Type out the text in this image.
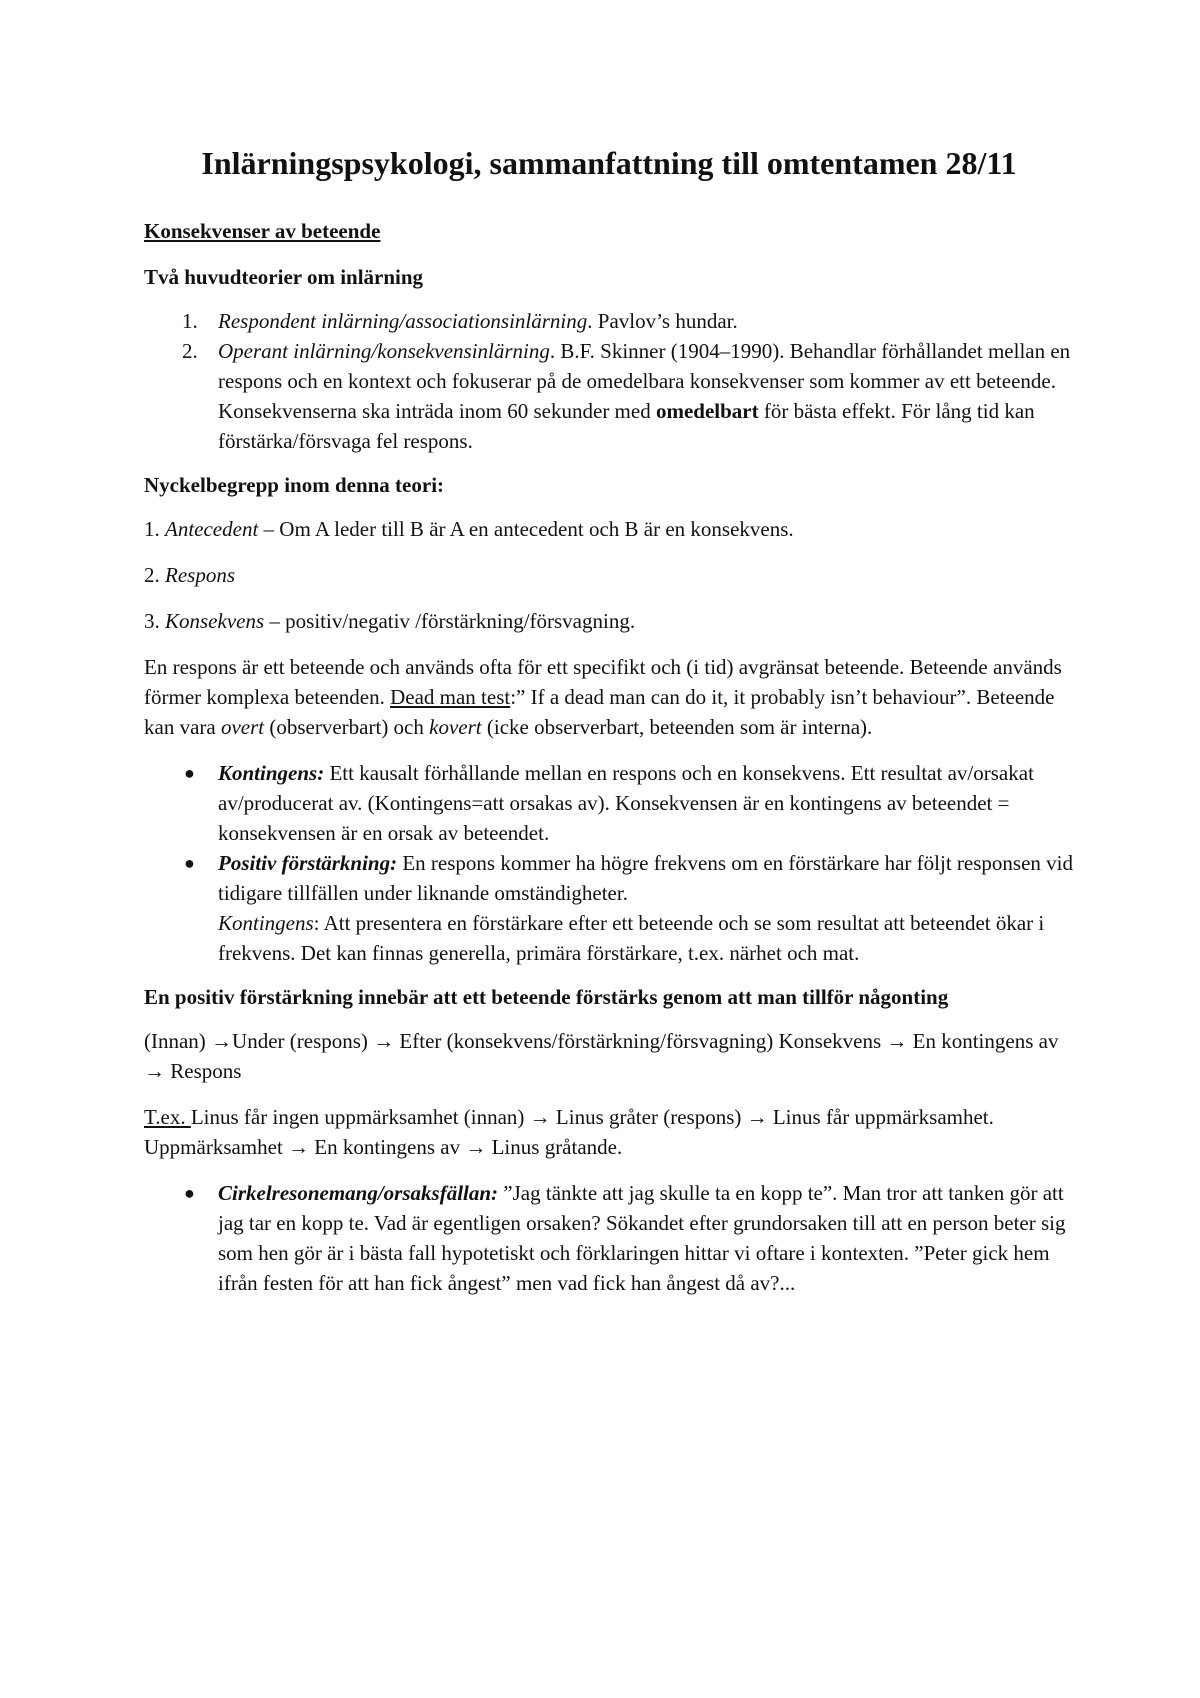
Inlärningspsykologi, sammanfattning till omtentamen 28/11
Konsekvenser av beteende
Två huvudteorier om inlärning
1. Respondent inlärning/associationsinlärning. Pavlov’s hundar.
2. Operant inlärning/konsekvensinlärning. B.F. Skinner (1904–1990). Behandlar förhållandet mellan en respons och en kontext och fokuserar på de omedelbara konsekvenser som kommer av ett beteende. Konsekvenserna ska inträda inom 60 sekunder med omedelbart för bästa effekt. För lång tid kan förstärka/försvaga fel respons.
Nyckelbegrepp inom denna teori:

1. Antecedent – Om A leder till B är A en antecedent och B är en konsekvens.

2. Respons

3. Konsekvens – positiv/negativ /förstärkning/försvagning.

En respons är ett beteende och används ofta för ett specifikt och (i tid) avgränsat beteende. Beteende används förmer komplexa beteenden. Dead man test:” If a dead man can do it, it probably isn’t behaviour”. Beteende kan vara overt (observerbart) och kovert (icke observerbart, beteenden som är interna).

● Kontingens: Ett kausalt förhållande mellan en respons och en konsekvens. Ett resultat av/orsakat av/producerat av. (Kontingens=att orsakas av). Konsekvensen är en kontingens av beteendet = konsekvensen är en orsak av beteendet.
● Positiv förstärkning: En respons kommer ha högre frekvens om en förstärkare har följt responsen vid tidigare tillfällen under liknande omständigheter.
Kontingens: Att presentera en förstärkare efter ett beteende och se som resultat att beteendet ökar i frekvens. Det kan finnas generella, primära förstärkare, t.ex. närhet och mat.
En positiv förstärkning innebär att ett beteende förstärks genom att man tillför någonting

(Innan) →Under (respons) → Efter (konsekvens/förstärkning/försvagning) Konsekvens → En kontingens av → Respons

T.ex. Linus får ingen uppmärksamhet (innan) → Linus gråter (respons) → Linus får uppmärksamhet. Uppmärksamhet → En kontingens av → Linus gråtande.

● Cirkelresonemang/orsaksfällan: ”Jag tänkte att jag skulle ta en kopp te”. Man tror att tanken gör att jag tar en kopp te. Vad är egentligen orsaken? Sökandet efter grundorsaken till att en person beter sig som hen gör är i bästa fall hypotetiskt och förklaringen hittar vi oftare i kontexten. ”Peter gick hem ifrån festen för att han fick ångest” men vad fick han ångest då av?...
